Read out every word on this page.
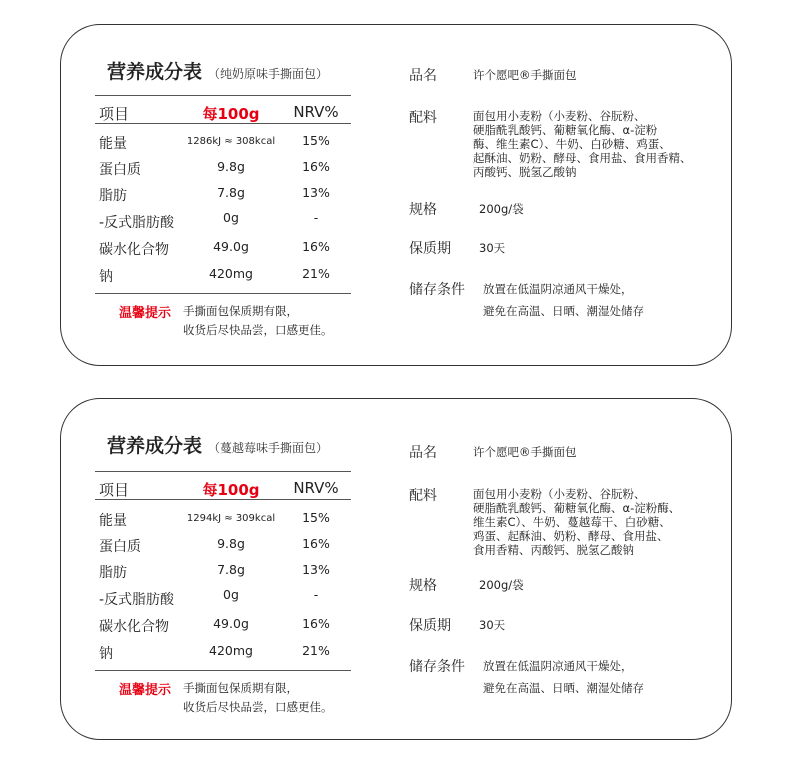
营养成分表 （纯奶原味手撕面包）
项目	每100g	NRV%
能量	1286kJ ≈ 308kcal	15%
蛋白质	9.8g	16%
脂肪	7.8g	13%
-反式脂肪酸	0g	-
碳水化合物	49.0g	16%
钠	420mg	21%
温馨提示 手撕面包保质期有限，
收货后尽快品尝，口感更佳。
品名	许个愿吧®手撕面包
配料	面包用小麦粉（小麦粉、谷朊粉、
硬脂酰乳酸钙、葡糖氧化酶、α-淀粉
酶、维生素C）、牛奶、白砂糖、鸡蛋、
起酥油、奶粉、酵母、食用盐、食用香精、
丙酸钙、脱氢乙酸钠
规格	200g/袋
保质期 30天
储存条件 放置在低温阴凉通风干燥处，
避免在高温、日晒、潮湿处储存
营养成分表 （蔓越莓味手撕面包）
项目	每100g	NRV%
能量	1294kJ ≈ 309kcal	15%
蛋白质	9.8g	16%
脂肪	7.8g	13%
-反式脂肪酸	0g	-
碳水化合物	49.0g	16%
钠	420mg	21%
温馨提示 手撕面包保质期有限，
收货后尽快品尝，口感更佳。
品名	许个愿吧®手撕面包
配料	面包用小麦粉（小麦粉、谷朊粉、
硬脂酰乳酸钙、葡糖氧化酶、α-淀粉酶、
维生素C）、牛奶、蔓越莓干、白砂糖、
鸡蛋、起酥油、奶粉、酵母、食用盐、
食用香精、丙酸钙、脱氢乙酸钠
规格	200g/袋
保质期 30天
储存条件 放置在低温阴凉通风干燥处，
避免在高温、日晒、潮湿处储存
